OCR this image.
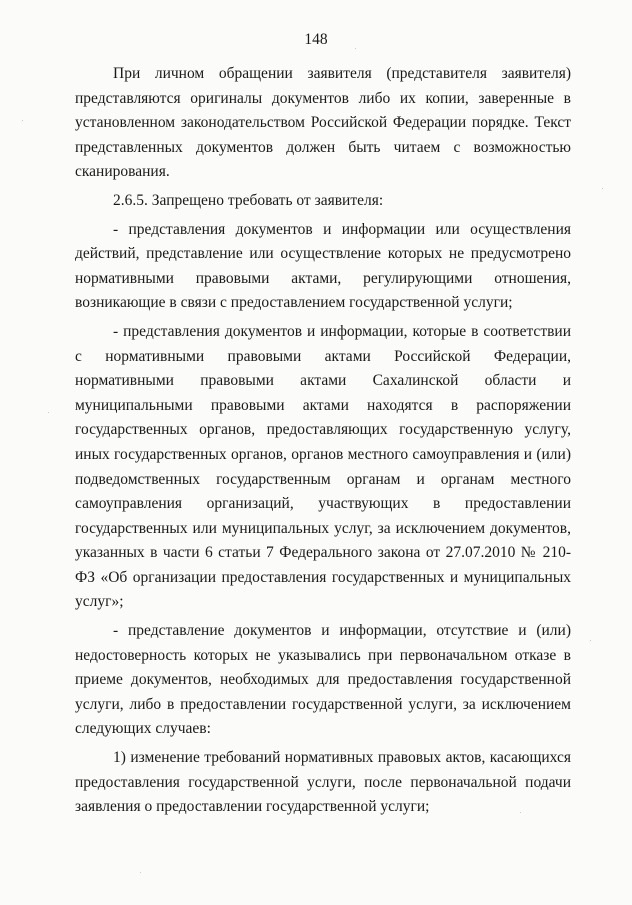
148

При личном обращении заявителя (представителя заявителя) представляются оригиналы документов либо их копии, заверенные в установленном законодательством Российской Федерации порядке. Текст представленных документов должен быть читаем с возможностью сканирования.

2.6.5. Запрещено требовать от заявителя:

- представления документов и информации или осуществления действий, представление или осуществление которых не предусмотрено нормативными правовыми актами, регулирующими отношения, возникающие в связи с предоставлением государственной услуги;

- представления документов и информации, которые в соответствии с нормативными правовыми актами Российской Федерации, нормативными правовыми актами Сахалинской области и муниципальными правовыми актами находятся в распоряжении государственных органов, предоставляющих государственную услугу, иных государственных органов, органов местного самоуправления и (или) подведомственных государственным органам и органам местного самоуправления организаций, участвующих в предоставлении государственных или муниципальных услуг, за исключением документов, указанных в части 6 статьи 7 Федерального закона от 27.07.2010 № 210-ФЗ «Об организации предоставления государственных и муниципальных услуг»;

- представление документов и информации, отсутствие и (или) недостоверность которых не указывались при первоначальном отказе в приеме документов, необходимых для предоставления государственной услуги, либо в предоставлении государственной услуги, за исключением следующих случаев:

1) изменение требований нормативных правовых актов, касающихся предоставления государственной услуги, после первоначальной подачи заявления о предоставлении государственной услуги;
